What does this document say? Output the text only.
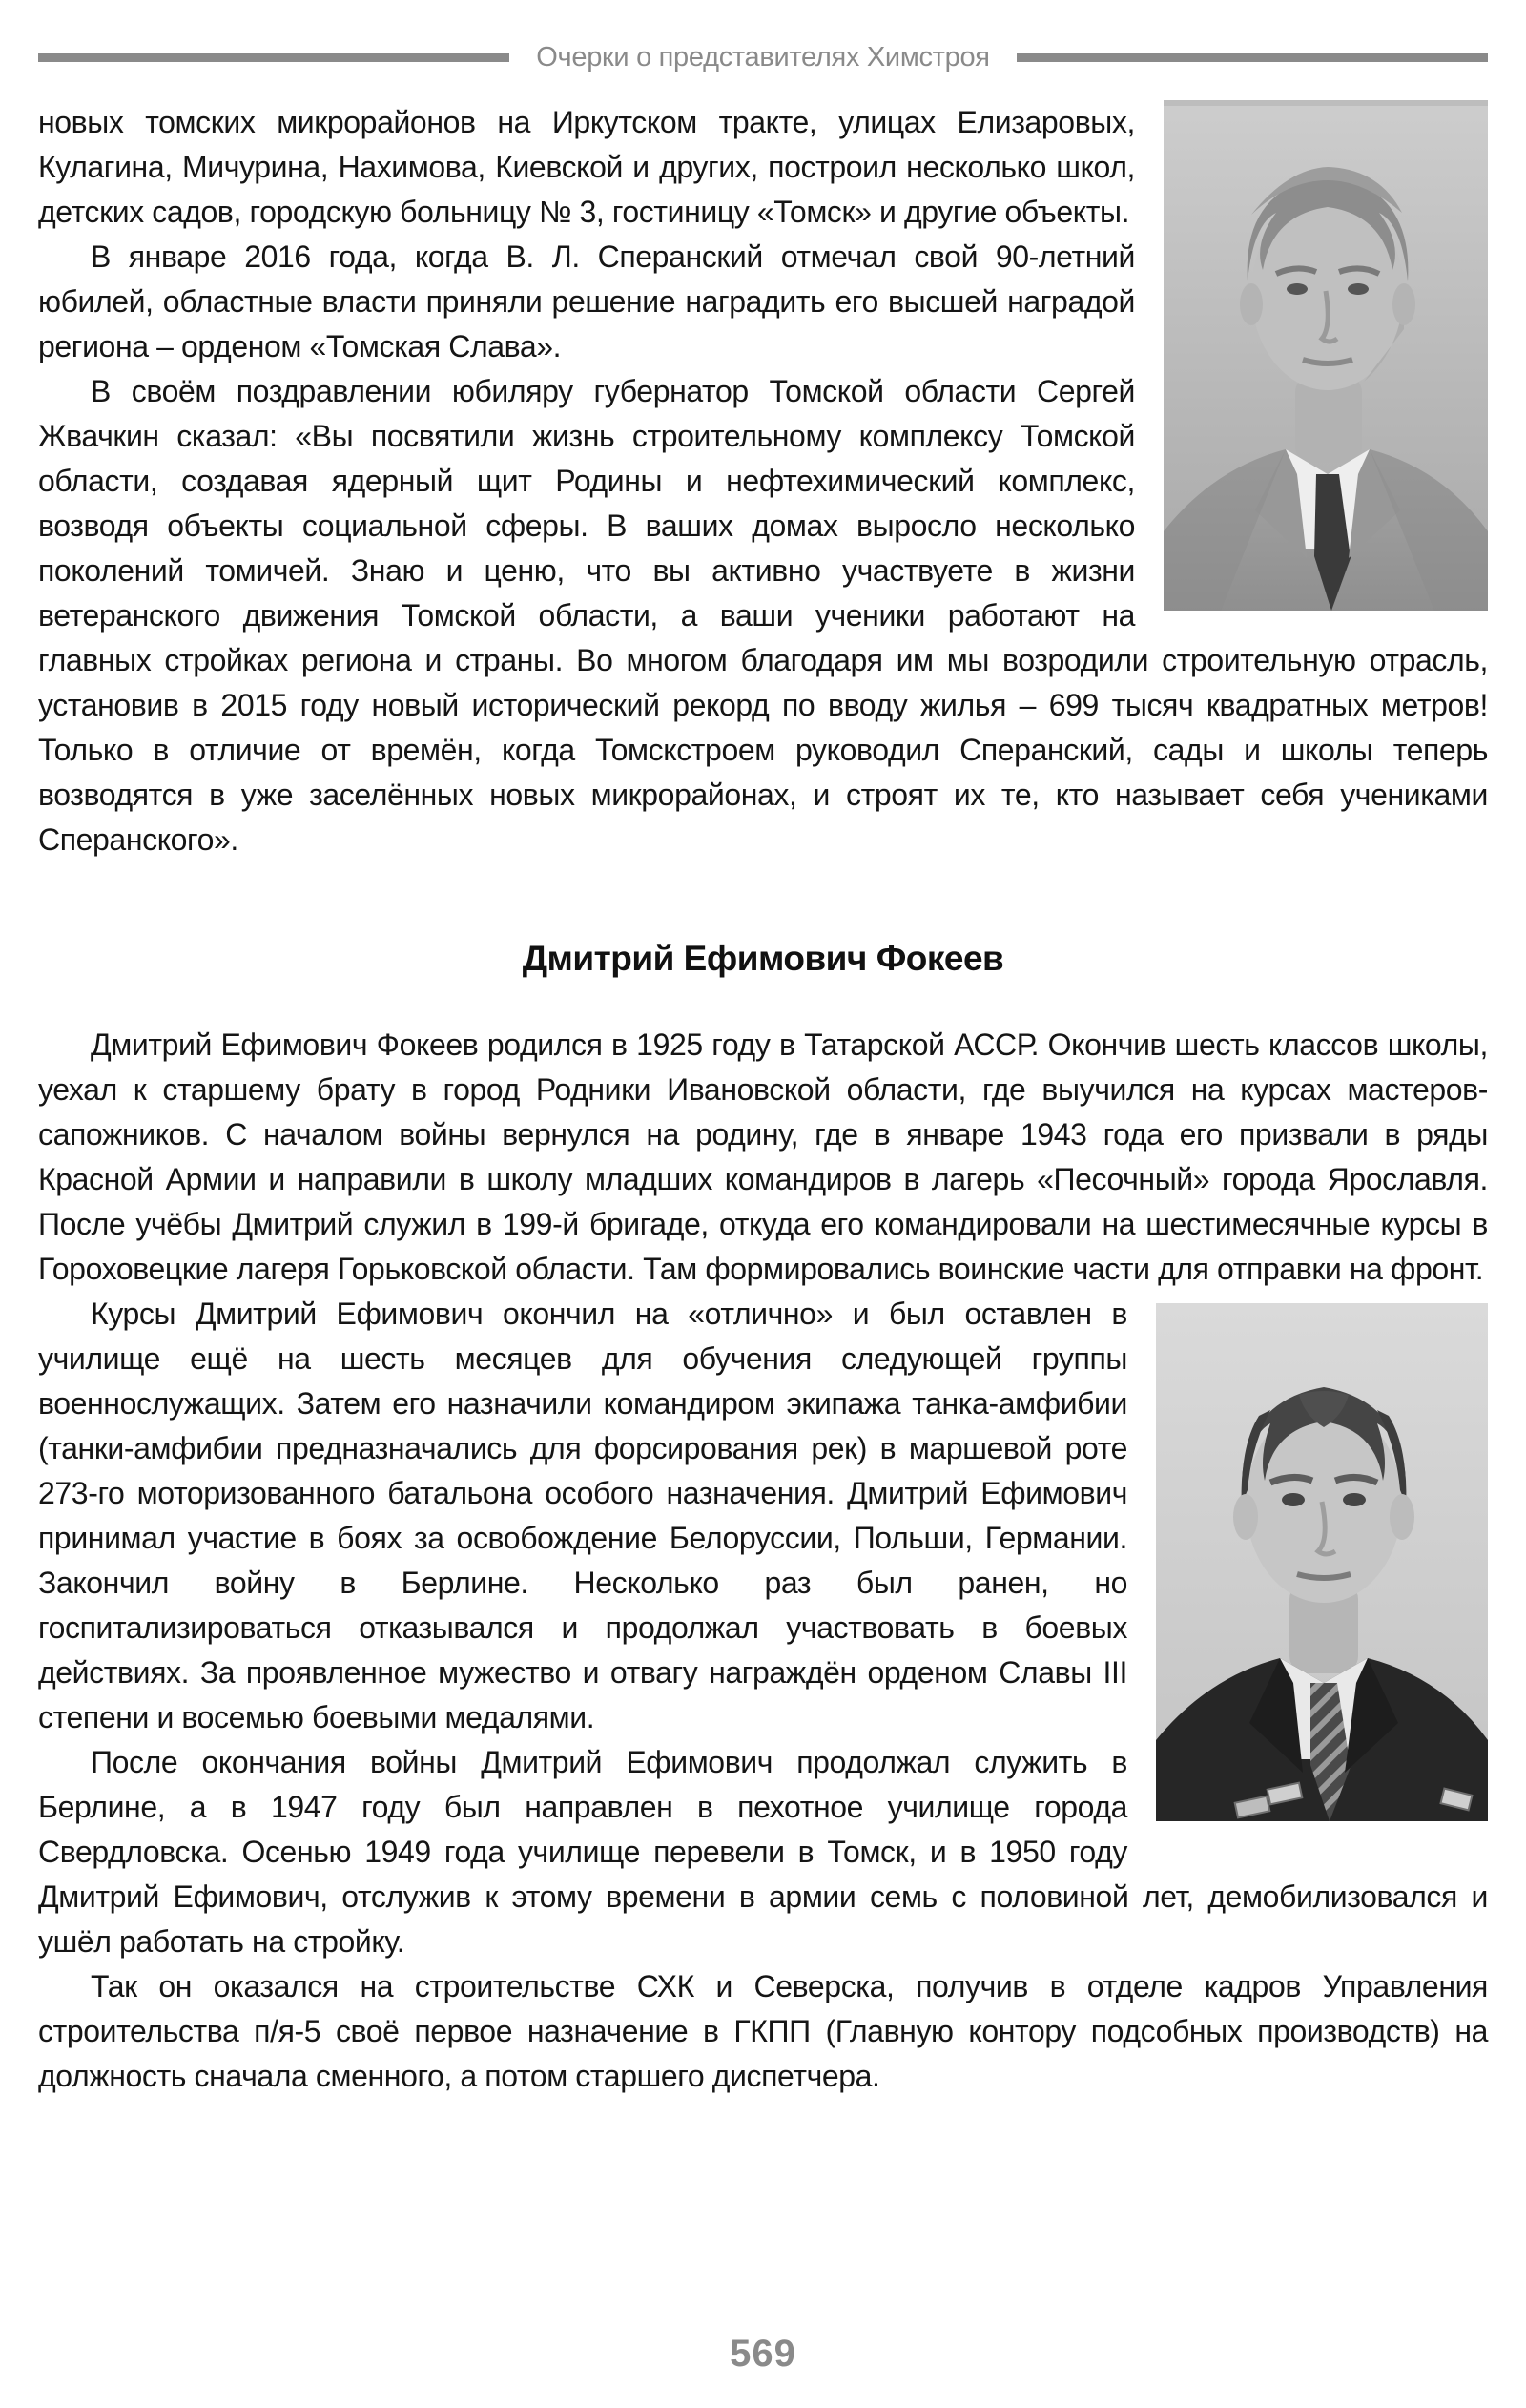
Очерки о представителях Химстроя

новых томских микрорайонов на Иркутском тракте, улицах Елизаровых, Кулагина, Мичурина, Нахимова, Киевской и других, построил несколько школ, детских садов, городскую больницу № 3, гостиницу «Томск» и другие объекты.

В январе 2016 года, когда В. Л. Сперанский отмечал свой 90-летний юбилей, областные власти приняли решение наградить его высшей наградой региона – орденом «Томская Слава».

В своём поздравлении юбиляру губернатор Томской области Сергей Жвачкин сказал: «Вы посвятили жизнь строительному комплексу Томской области, создавая ядерный щит Родины и нефтехимический комплекс, возводя объекты социальной сферы. В ваших домах выросло несколько поколений томичей. Знаю и ценю, что вы активно участвуете в жизни ветеранского движения Томской области, а ваши ученики работают на главных стройках региона и страны. Во многом благодаря им мы возродили строительную отрасль, установив в 2015 году новый исторический рекорд по вводу жилья – 699 тысяч квадратных метров! Только в отличие от времён, когда Томскстроем руководил Сперанский, сады и школы теперь возводятся в уже заселённых новых микрорайонах, и строят их те, кто называет себя учениками Сперанского».

Дмитрий Ефимович Фокеев

Дмитрий Ефимович Фокеев родился в 1925 году в Татарской АССР. Окончив шесть классов школы, уехал к старшему брату в город Родники Ивановской области, где выучился на курсах мастеров-сапожников. С началом войны вернулся на родину, где в январе 1943 года его призвали в ряды Красной Армии и направили в школу младших командиров в лагерь «Песочный» города Ярославля. После учёбы Дмитрий служил в 199-й бригаде, откуда его командировали на шестимесячные курсы в Гороховецкие лагеря Горьковской области. Там формировались воинские части для отправки на фронт.

Курсы Дмитрий Ефимович окончил на «отлично» и был оставлен в училище ещё на шесть месяцев для обучения следующей группы военнослужащих. Затем его назначили командиром экипажа танка-амфибии (танки-амфибии предназначались для форсирования рек) в маршевой роте 273-го моторизованного батальона особого назначения. Дмитрий Ефимович принимал участие в боях за освобождение Белоруссии, Польши, Германии. Закончил войну в Берлине. Несколько раз был ранен, но госпитализироваться отказывался и продолжал участвовать в боевых действиях. За проявленное мужество и отвагу награждён орденом Славы III степени и восемью боевыми медалями.

После окончания войны Дмитрий Ефимович продолжал служить в Берлине, а в 1947 году был направлен в пехотное училище города Свердловска. Осенью 1949 года училище перевели в Томск, и в 1950 году Дмитрий Ефимович, отслужив к этому времени в армии семь с половиной лет, демобилизовался и ушёл работать на стройку.

Так он оказался на строительстве СХК и Северска, получив в отделе кадров Управления строительства п/я-5 своё первое назначение в ГКПП (Главную контору подсобных производств) на должность сначала сменного, а потом старшего диспетчера.

569
